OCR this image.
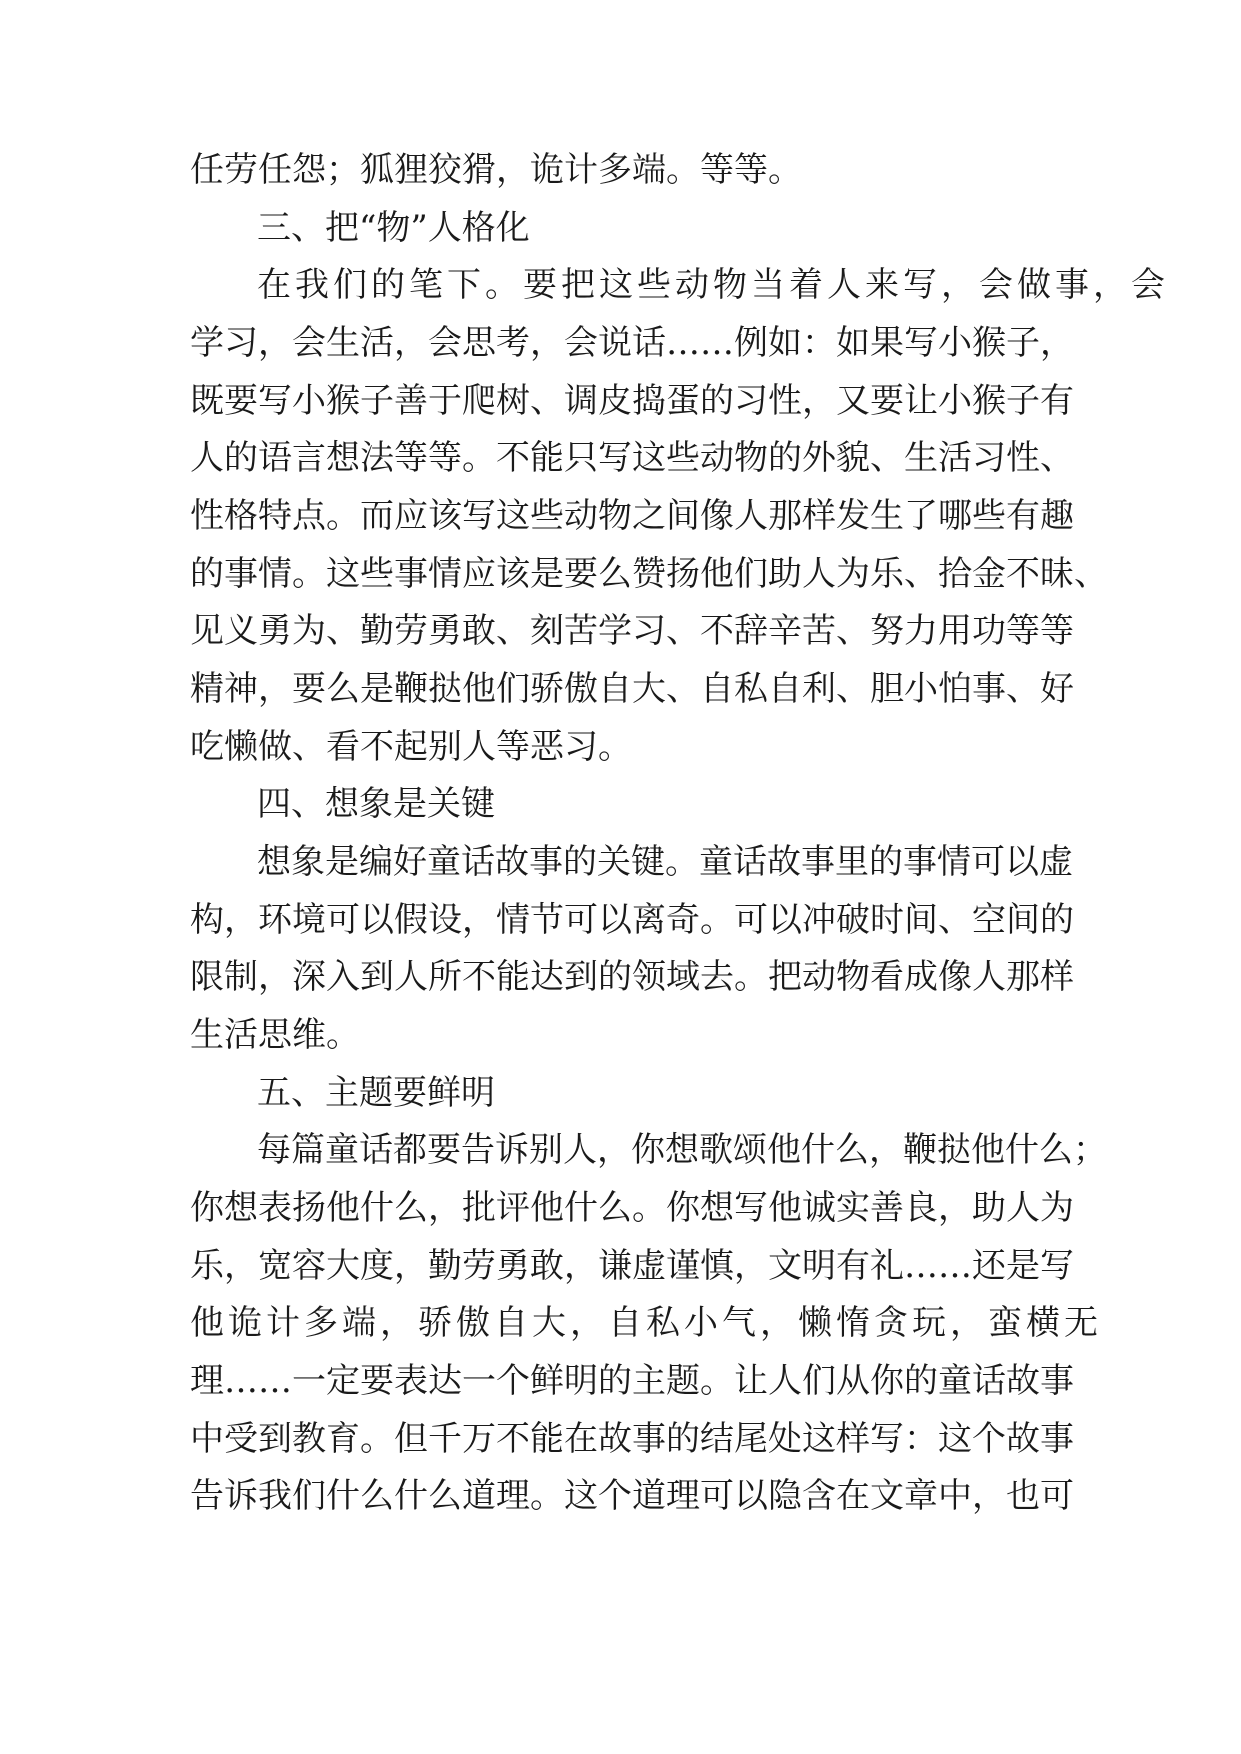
任劳任怨；狐狸狡猾，诡计多端。等等。
三、把“物”人格化
在我们的笔下。要把这些动物当着人来写，会做事，会
学习，会生活，会思考，会说话……例如：如果写小猴子，
既要写小猴子善于爬树、调皮捣蛋的习性，又要让小猴子有
人的语言想法等等。不能只写这些动物的外貌、生活习性、
性格特点。而应该写这些动物之间像人那样发生了哪些有趣
的事情。这些事情应该是要么赞扬他们助人为乐、拾金不昧、
见义勇为、勤劳勇敢、刻苦学习、不辞辛苦、努力用功等等
精神，要么是鞭挞他们骄傲自大、自私自利、胆小怕事、好
吃懒做、看不起别人等恶习。
四、想象是关键
想象是编好童话故事的关键。童话故事里的事情可以虚
构，环境可以假设，情节可以离奇。可以冲破时间、空间的
限制，深入到人所不能达到的领域去。把动物看成像人那样
生活思维。
五、主题要鲜明
每篇童话都要告诉别人，你想歌颂他什么，鞭挞他什么；
你想表扬他什么，批评他什么。你想写他诚实善良，助人为
乐，宽容大度，勤劳勇敢，谦虚谨慎，文明有礼……还是写
他诡计多端，骄傲自大，自私小气，懒惰贪玩，蛮横无
理……一定要表达一个鲜明的主题。让人们从你的童话故事
中受到教育。但千万不能在故事的结尾处这样写：这个故事
告诉我们什么什么道理。这个道理可以隐含在文章中，也可
